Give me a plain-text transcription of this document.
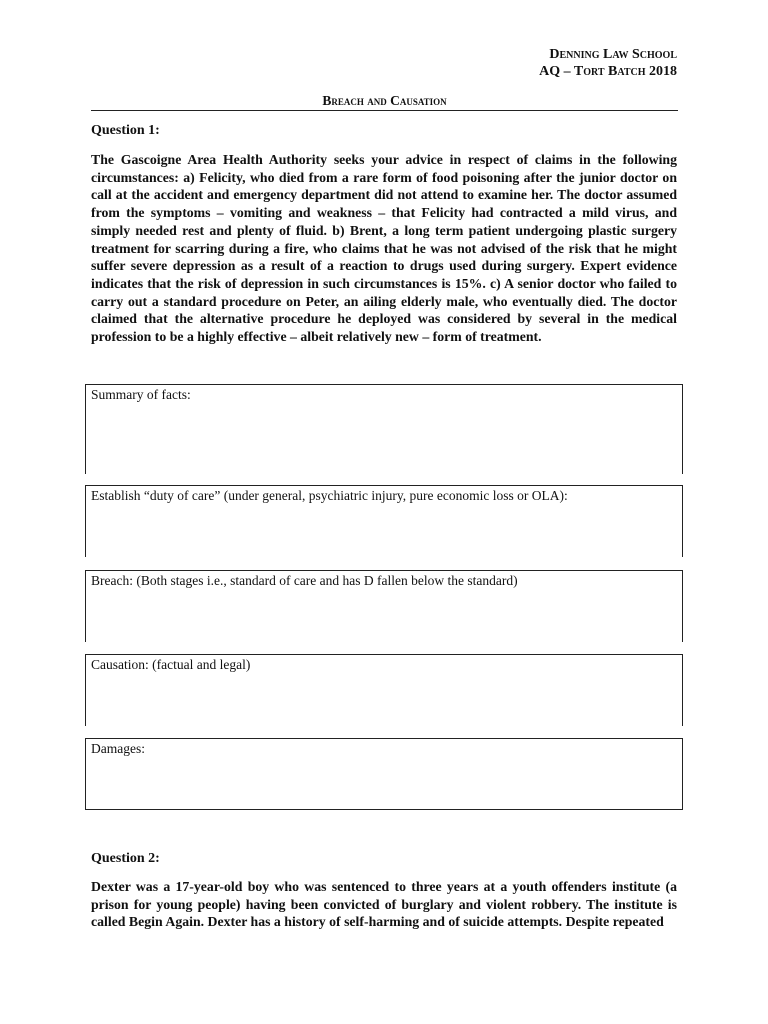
Denning Law School
AQ – Tort Batch 2018
Breach and Causation
Question 1:
The Gascoigne Area Health Authority seeks your advice in respect of claims in the following circumstances: a) Felicity, who died from a rare form of food poisoning after the junior doctor on call at the accident and emergency department did not attend to examine her. The doctor assumed from the symptoms – vomiting and weakness – that Felicity had contracted a mild virus, and simply needed rest and plenty of fluid. b) Brent, a long term patient undergoing plastic surgery treatment for scarring during a fire, who claims that he was not advised of the risk that he might suffer severe depression as a result of a reaction to drugs used during surgery. Expert evidence indicates that the risk of depression in such circumstances is 15%. c) A senior doctor who failed to carry out a standard procedure on Peter, an ailing elderly male, who eventually died. The doctor claimed that the alternative procedure he deployed was considered by several in the medical profession to be a highly effective – albeit relatively new – form of treatment.
Summary of facts:
Establish “duty of care” (under general, psychiatric injury, pure economic loss or OLA):
Breach: (Both stages i.e., standard of care and has D fallen below the standard)
Causation: (factual and legal)
Damages:
Question 2:
Dexter was a 17-year-old boy who was sentenced to three years at a youth offenders institute (a prison for young people) having been convicted of burglary and violent robbery. The institute is called Begin Again. Dexter has a history of self-harming and of suicide attempts. Despite repeated
